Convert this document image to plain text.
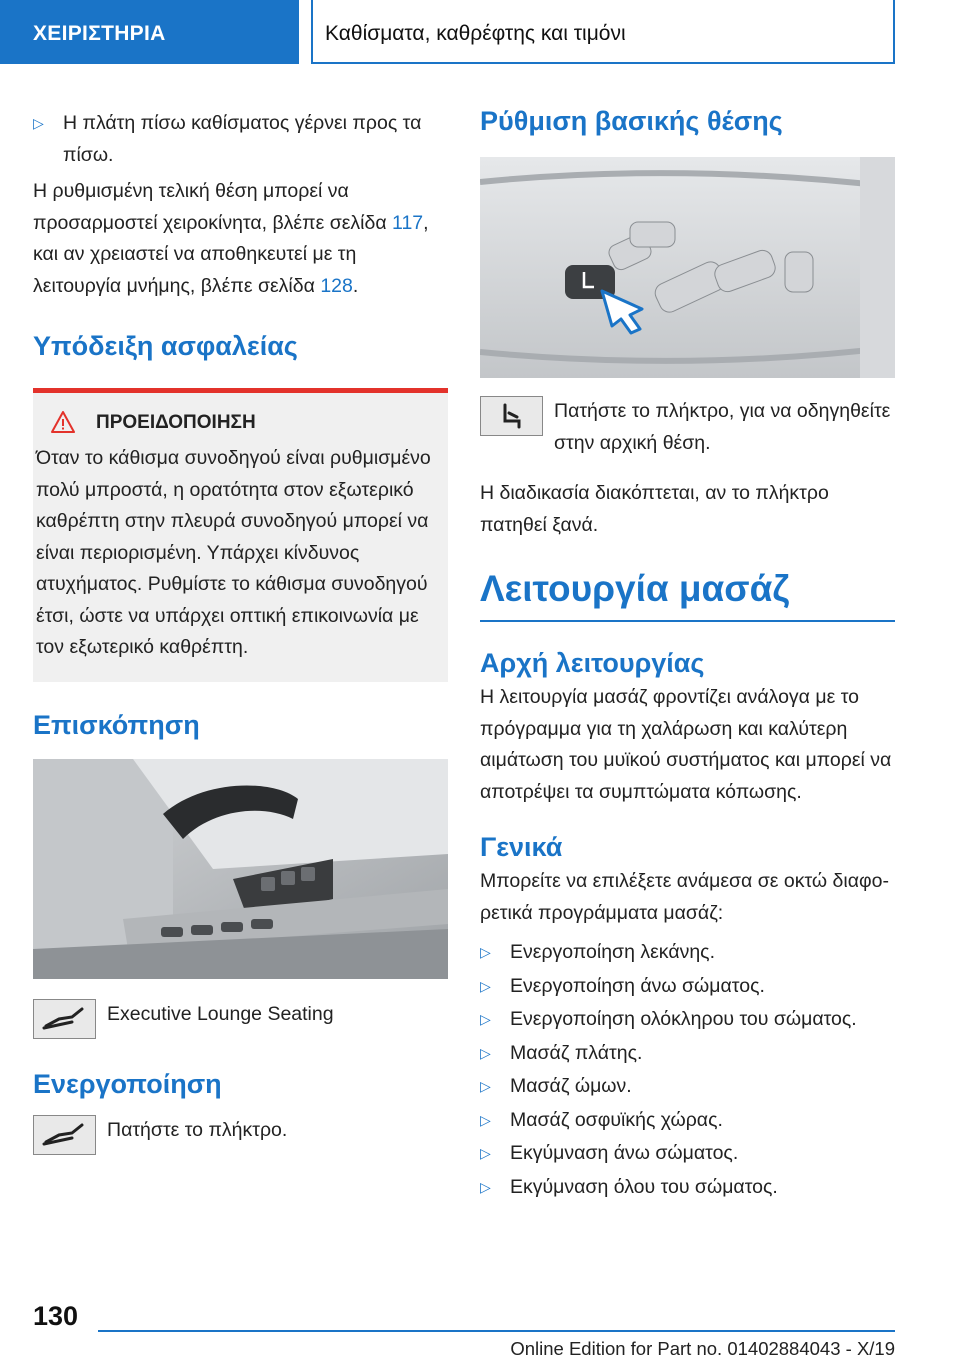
ΧΕΙΡΙΣΤΗΡΙΑ	Καθίσματα, καθρέφτης και τιμόνι
▷ Η πλάτη πίσω καθίσματος γέρνει προς τα πίσω.

Η ρυθμισμένη τελική θέση μπορεί να προσαρμοστεί χειροκίνητα, βλέπε σελίδα 117, και αν χρειαστεί να αποθηκευτεί με τη λειτουργία μνήμης, βλέπε σελίδα 128.

Υπόδειξη ασφαλείας
ΠΡΟΕΙΔΟΠΟΙΗΣΗ

Όταν το κάθισμα συνοδηγού είναι ρυθμισμένο πολύ μπροστά, η ορατότητα στον εξωτερικό καθρέπτη στην πλευρά συνοδηγού μπορεί να είναι περιορισμένη. Υπάρχει κίνδυνος ατυχήματος. Ρυθμίστε το κάθισμα συνοδηγού έτσι, ώστε να υπάρχει οπτική επικοινωνία με τον εξωτερικό καθρέπτη.

Επισκόπηση
Executive Lounge Seating
Ενεργοποίηση
Πατήστε το πλήκτρο.
Ρύθμιση βασικής θέσης
Πατήστε το πλήκτρο, για να οδηγηθείτε στην αρχική θέση.

Η διαδικασία διακόπτεται, αν το πλήκτρο πατηθεί ξανά.

Λειτουργία μασάζ
Αρχή λειτουργίας

Η λειτουργία μασάζ φροντίζει ανάλογα με το πρόγραμμα για τη χαλάρωση και καλύτερη αιμάτωση του μυϊκού συστήματος και μπορεί να αποτρέψει τα συμπτώματα κόπωσης.

Γενικά

Μπορείτε να επιλέξετε ανάμεσα σε οκτώ διαφορετικά προγράμματα μασάζ:

▷ Ενεργοποίηση λεκάνης.
▷ Ενεργοποίηση άνω σώματος.
▷ Ενεργοποίηση ολόκληρου του σώματος.
▷ Μασάζ πλάτης.
▷ Μασάζ ώμων.
▷ Μασάζ οσφυϊκής χώρας.
▷ Εκγύμναση άνω σώματος.
▷ Εκγύμναση όλου του σώματος.
130
Online Edition for Part no. 01402884043 - X/19
